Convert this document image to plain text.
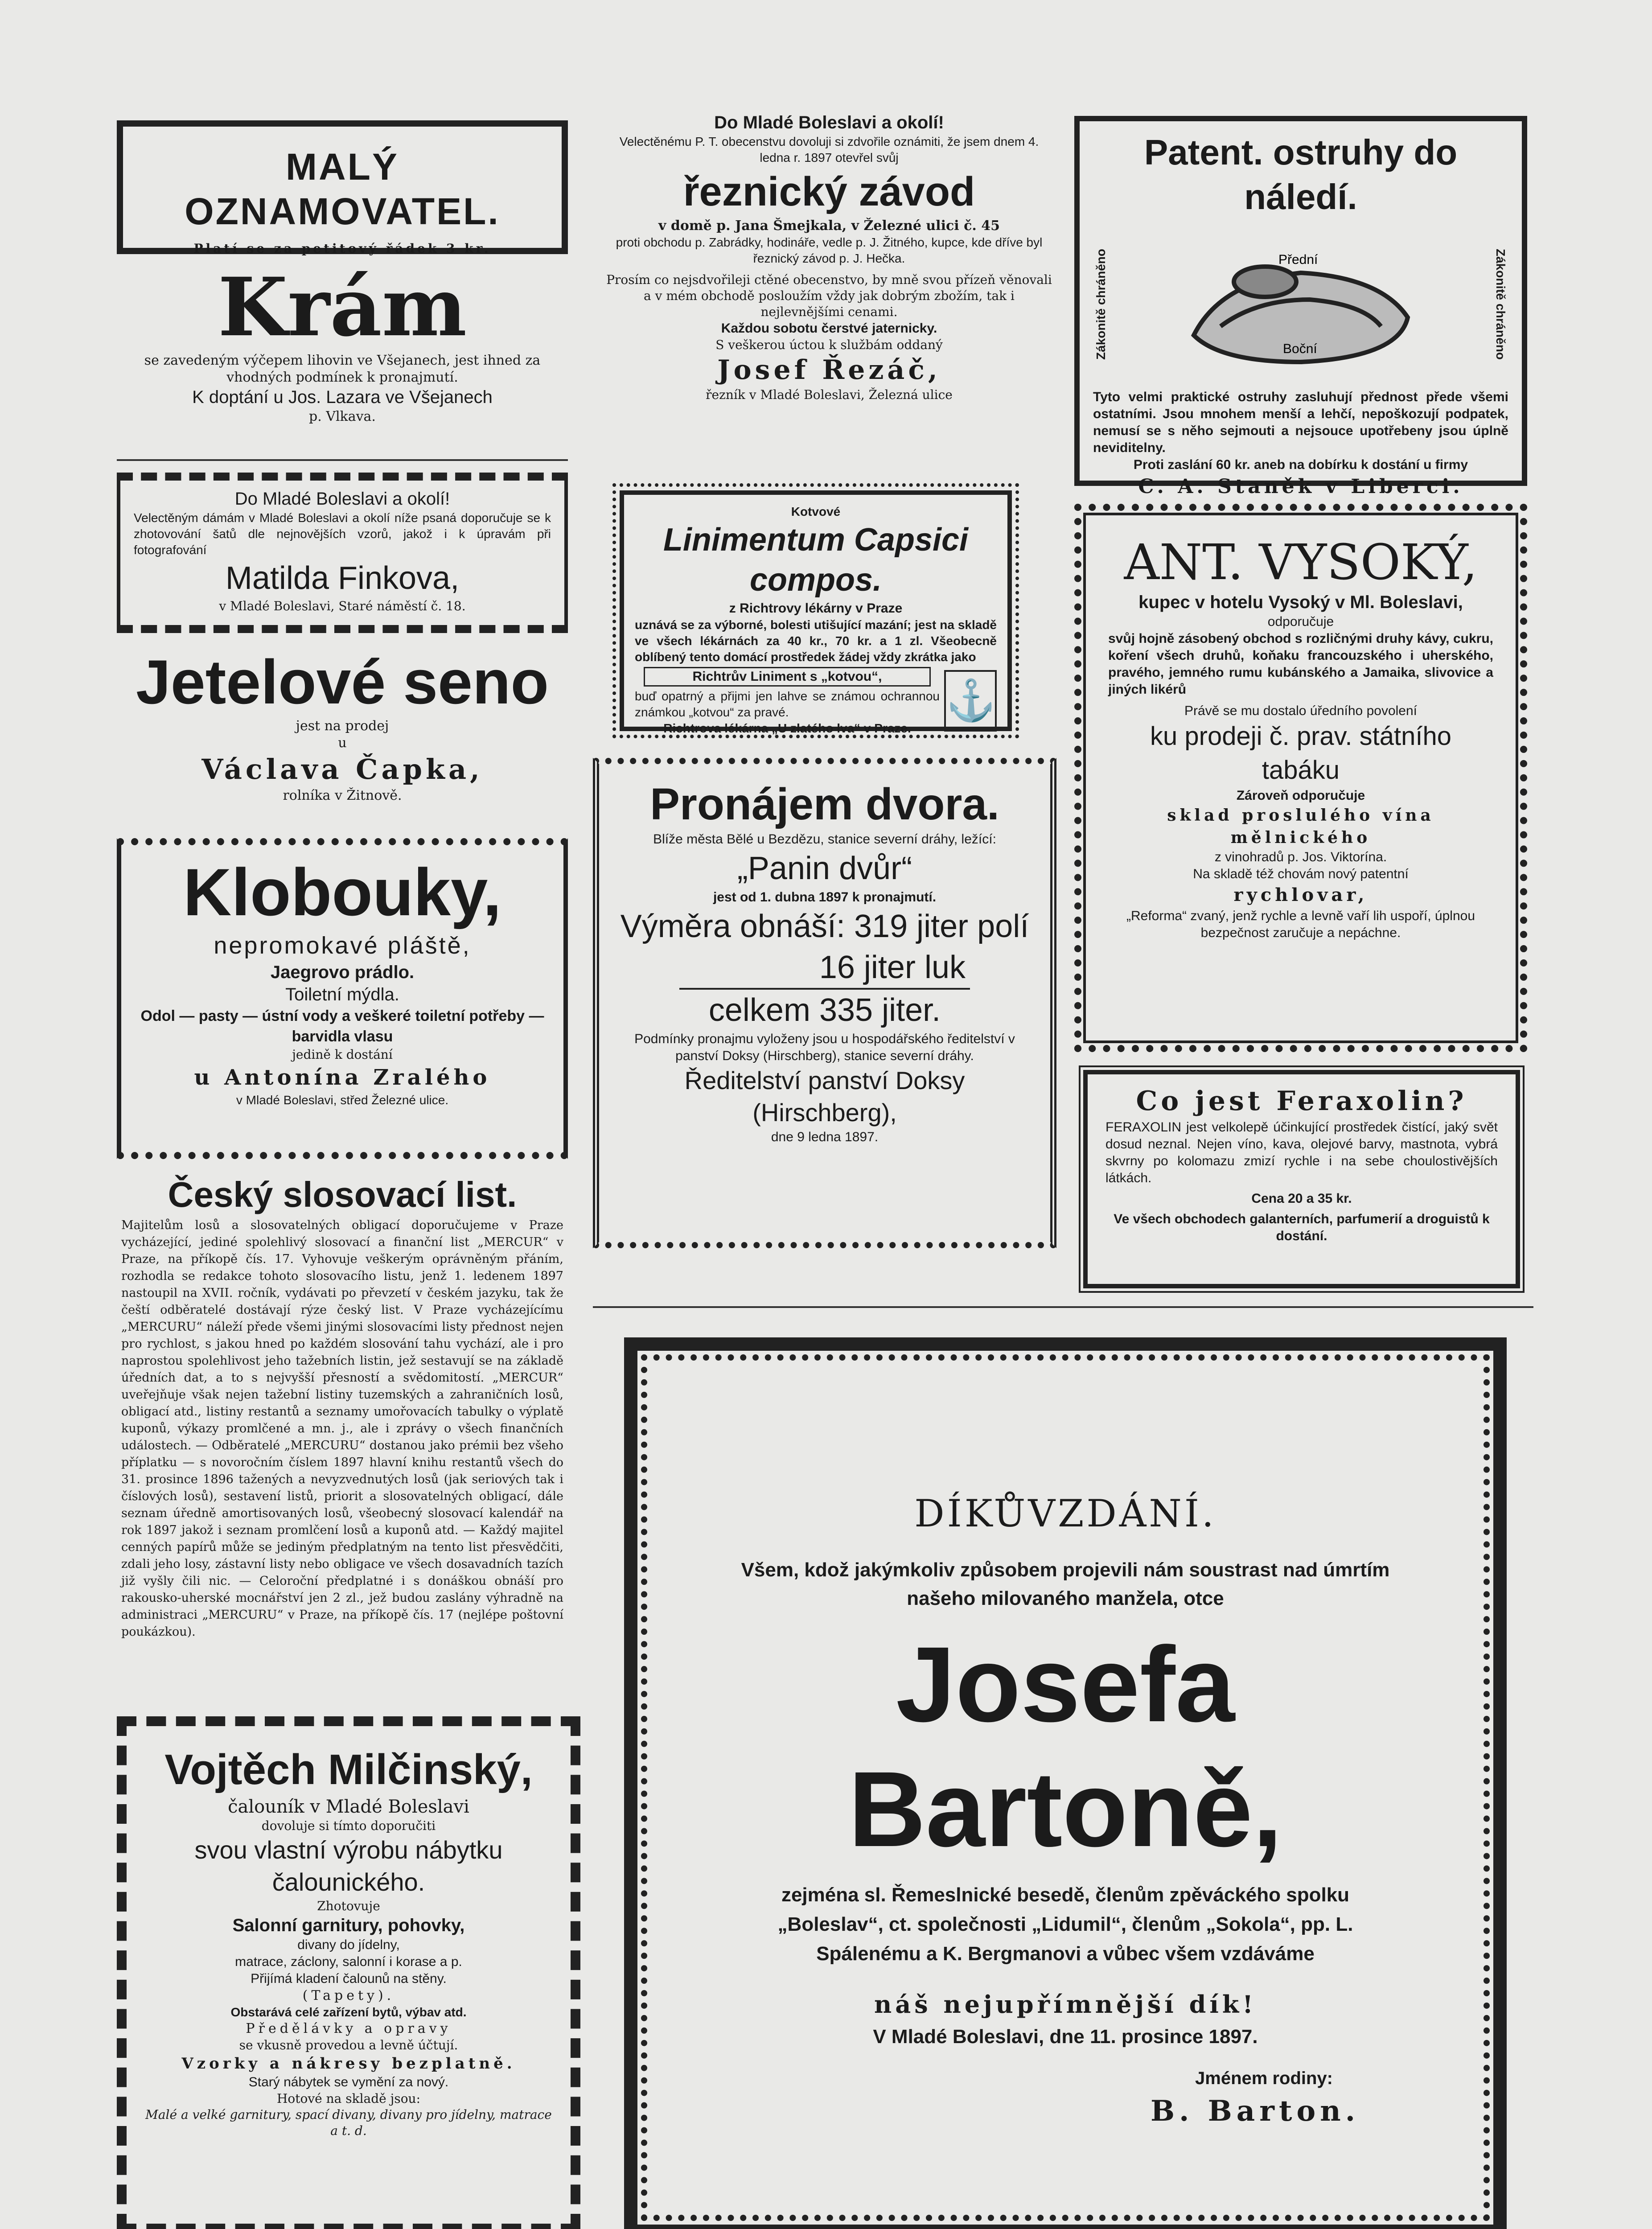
MALÝ OZNAMOVATEL.
Platí se za petitový řádek 3 kr.
Krám
se zavedeným výčepem lihovin ve Všejanech, jest ihned za vhodných podmínek k pronajmutí.
K doptání u Jos. Lazara ve Všejanech
p. Vlkava.
Do Mladé Boleslavi a okolí!
Velectěným dámám v Mladé Boleslavi a okolí níže psaná doporučuje se k zhotovování šatů dle nejnovějších vzorů, jakož i k úpravám při fotografování
Matilda Finkova,
v Mladé Boleslavi, Staré náměstí č. 18.
Jetelové seno
jest na prodej
u
Václava Čapka,
rolníka v Žitnově.
Klobouky,
nepromokavé pláště,
Jaegrovo prádlo.
Toiletní mýdla.
Odol — pasty — ústní vody a veškeré toiletní potřeby — barvidla vlasu
jedině k dostání
u Antonína Zralého
v Mladé Boleslavi, střed Železné ulice.
Český slosovací list.
Majitelům losů a slosovatelných obligací doporučujeme v Praze vycházející, jediné spolehlivý slosovací a finanční list „MERCUR“ v Praze, na příkopě čís. 17. Vyhovuje veškerým oprávněným přáním, rozhodla se redakce tohoto slosovacího listu, jenž 1. ledenem 1897 nastoupil na XVII. ročník, vydávati po převzetí v českém jazyku, tak že čeští odběratelé dostávají rýze český list. V Praze vycházejícímu „MERCURU“ náleží přede všemi jinými slosovacími listy přednost nejen pro rychlost, s jakou hned po každém slosování tahu vychází, ale i pro naprostou spolehlivost jeho tažebních listin, jež sestavují se na základě úředních dat, a to s nejvyšší přesností a svědomitostí. „MERCUR“ uveřejňuje však nejen tažební listiny tuzemských a zahraničních losů, obligací atd., listiny restantů a seznamy umořovacích tabulky o výplatě kuponů, výkazy promlčené a mn. j., ale i zprávy o všech finančních událostech. — Odběratelé „MERCURU“ dostanou jako prémii bez všeho příplatku — s novoročním číslem 1897 hlavní knihu restantů všech do 31. prosince 1896 tažených a nevyzvednutých losů (jak seriových tak i číslových losů), sestavení listů, priorit a slosovatelných obligací, dále seznam úředně amortisovaných losů, všeobecný slosovací kalendář na rok 1897 jakož i seznam promlčení losů a kuponů atd. — Každý majitel cenných papírů může se jediným předplatným na tento list přesvědčiti, zdali jeho losy, zástavní listy nebo obligace ve všech dosavadních tazích již vyšly čili nic. — Celoroční předplatné i s donáškou obnáší pro rakousko-uherské mocnářství jen 2 zl., jež budou zaslány výhradně na administraci „MERCURU“ v Praze, na příkopě čís. 17 (nejlépe poštovní poukázkou).
Vojtěch Milčinský,
čalouník v Mladé Boleslavi
dovoluje si tímto doporučiti
svou vlastní výrobu nábytku čalounického.
Zhotovuje
Salonní garnitury, pohovky,
divany do jídelny,
matrace, záclony, salonní i korase a p.
Přijímá kladení čalounů na stěny.
(Tapety).
Obstarává celé zařízení bytů, výbav atd.
Předělávky a opravy
se vkusně provedou a levně účtují.
Vzorky a nákresy bezplatně.
Starý nábytek se vymění za nový.
Hotové na skladě jsou:
Malé a velké garnitury, spací divany, divany pro jídelny, matrace a t. d.
Do Mladé Boleslavi a okolí!
Velectěnému P. T. obecenstvu dovoluji si zdvořile oznámiti, že jsem dnem 4. ledna r. 1897 otevřel svůj
řeznický závod
v domě p. Jana Šmejkala, v Železné ulici č. 45
proti obchodu p. Zabrádky, hodináře, vedle p. J. Žitného, kupce, kde dříve byl řeznický závod p. J. Hečka.
Prosím co nejsdvořileji ctěné obecenstvo, by mně svou přízeň věnovali a v mém obchodě posloužím vždy jak dobrým zbožím, tak i nejlevnějšími cenami.
Každou sobotu čerstvé jaternicky.
S veškerou úctou k službám oddaný
Josef Řezáč,
řezník v Mladé Boleslavi, Železná ulice
Kotvové
Linimentum Capsici compos.
z Richtrovy lékárny v Praze
uznává se za výborné, bolesti utišující mazání; jest na skladě ve všech lékárnách za 40 kr., 70 kr. a 1 zl. Všeobecně oblíbený tento domácí prostředek žádej vždy zkrátka jako
Richtrův Liniment s „kotvou“,
buď opatrný a přijmi jen lahve se známou ochrannou známkou „kotvou“ za pravé.
Richtrova lékárna „U zlatého lva“ v Praze.
⚓
Pronájem dvora.
Blíže města Bělé u Bezdězu, stanice severní dráhy, ležící:
„Panin dvůr“
jest od 1. dubna 1897 k pronajmutí.
Výměra obnáší: 319 jiter polí
16 jiter luk
celkem 335 jiter.
Podmínky pronajmu vyloženy jsou u hospodářského ředitelství v panství Doksy (Hirschberg), stanice severní dráhy.
Ředitelství panství Doksy (Hirschberg),
dne 9 ledna 1897.
Patent. ostruhy do náledí.
Zákonitě chráněno	Přední
Boční	Zákonitě chráněno
Tyto velmi praktické ostruhy zasluhují přednost přede všemi ostatními. Jsou mnohem menší a lehčí, nepoškozují podpatek, nemusí se s něho sejmouti a nejsouce upotřebeny jsou úplně neviditelny.
Proti zaslání 60 kr. aneb na dobírku k dostání u firmy
C. A. Staněk v Liberci.
ANT. VYSOKÝ,
kupec v hotelu Vysoký v Ml. Boleslavi,
odporučuje
svůj hojně zásobený obchod s rozličnými druhy kávy, cukru, koření všech druhů, koňaku francouzského i uherského, pravého, jemného rumu kubánského a Jamaika, slivovice a jiných likérů
Právě se mu dostalo úředního povolení
ku prodeji č. prav. státního tabáku
Zároveň odporučuje
sklad proslulého vína mělnického
z vinohradů p. Jos. Viktorína.
Na skladě též chovám nový patentní
rychlovar,
„Reforma“ zvaný, jenž rychle a levně vaří lih uspoří, úplnou bezpečnost zaručuje a nepáchne.
Co jest Feraxolin?
FERAXOLIN jest velkolepě účinkující prostředek čistící, jaký svět dosud neznal. Nejen víno, kava, olejové barvy, mastnota, vybrá skvrny po kolomazu zmizí rychle i na sebe choulostivějších látkách.
Cena 20 a 35 kr.
Ve všech obchodech galanterních, parfumerií a droguistů k dostání.
DÍKŮVZDÁNÍ.
Všem, kdož jakýmkoliv způsobem projevili nám soustrast nad úmrtím našeho milovaného manžela, otce
Josefa Bartoně,
zejména sl. Řemeslnické besedě, členům zpěváckého spolku „Boleslav“, ct. společnosti „Lidumil“, členům „Sokola“, pp. L. Spálenému a K. Bergmanovi a vůbec všem vzdáváme
náš nejupřímnější dík!
V Mladé Boleslavi, dne 11. prosince 1897.
Jménem rodiny:
B. Barton.
